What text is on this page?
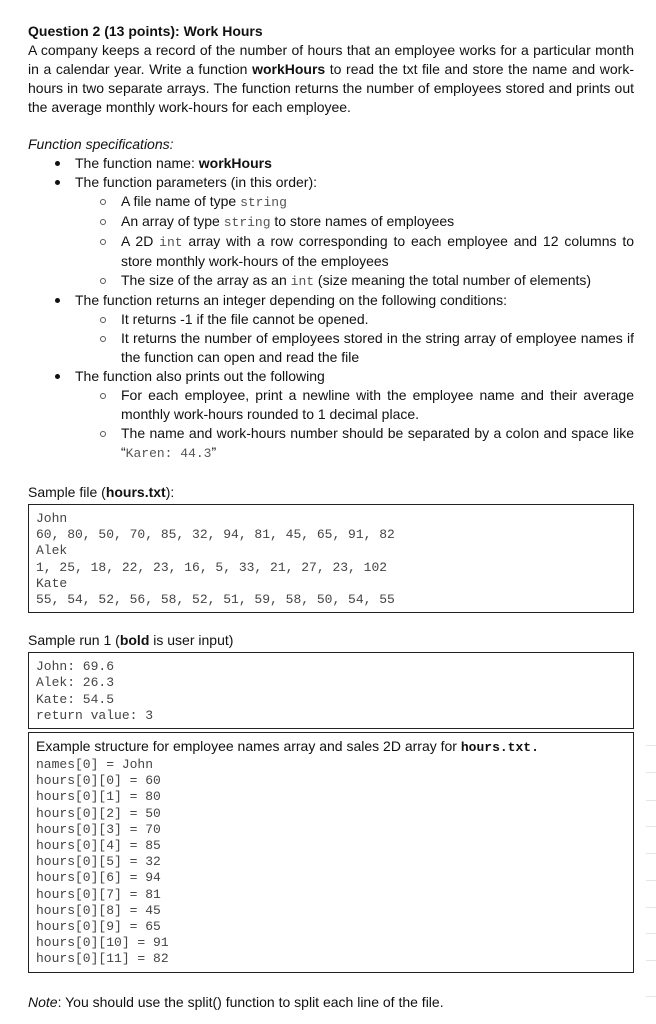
Question 2 (13 points): Work Hours

A company keeps a record of the number of hours that an employee works for a particular month in a calendar year. Write a function workHours to read the txt file and store the name and work-hours in two separate arrays. The function returns the number of employees stored and prints out the average monthly work-hours for each employee.

Function specifications:
The function name: workHours
The function parameters (in this order):
A file name of type string
An array of type string to store names of employees
A 2D int array with a row corresponding to each employee and 12 columns to store monthly work-hours of the employees
The size of the array as an int (size meaning the total number of elements)
The function returns an integer depending on the following conditions:
It returns -1 if the file cannot be opened.
It returns the number of employees stored in the string array of employee names if the function can open and read the file
The function also prints out the following
For each employee, print a newline with the employee name and their average monthly work-hours rounded to 1 decimal place.
The name and work-hours number should be separated by a colon and space like “Karen: 44.3”
Sample file (hours.txt):
John
60, 80, 50, 70, 85, 32, 94, 81, 45, 65, 91, 82
Alek
1, 25, 18, 22, 23, 16, 5, 33, 21, 27, 23, 102
Kate
55, 54, 52, 56, 58, 52, 51, 59, 58, 50, 54, 55
Sample run 1 (bold is user input)
John: 69.6
Alek: 26.3
Kate: 54.5
return value: 3
Example structure for employee names array and sales 2D array for hours.txt.
names[0] = John
hours[0][0] = 60
hours[0][1] = 80
hours[0][2] = 50
hours[0][3] = 70
hours[0][4] = 85
hours[0][5] = 32
hours[0][6] = 94
hours[0][7] = 81
hours[0][8] = 45
hours[0][9] = 65
hours[0][10] = 91
hours[0][11] = 82
Note: You should use the split() function to split each line of the file.
